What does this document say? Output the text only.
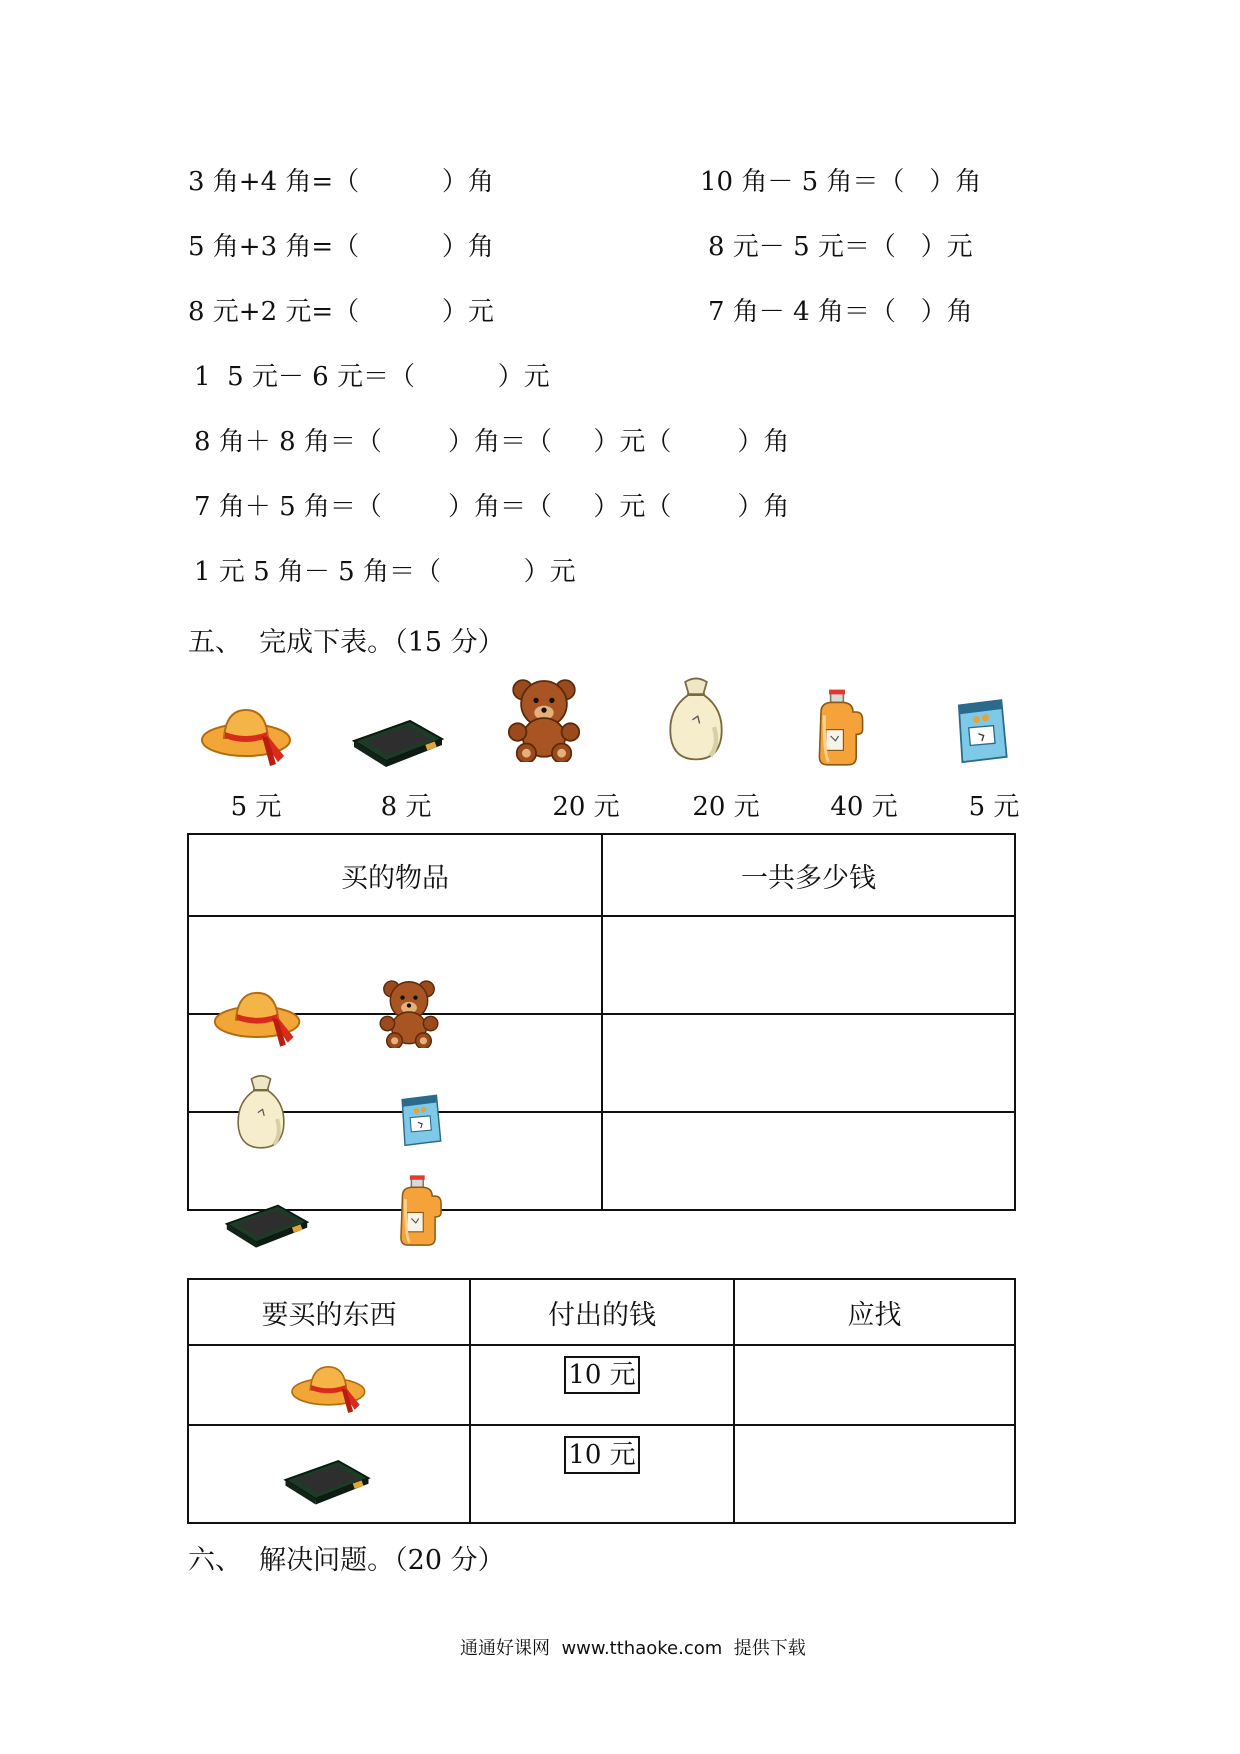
3 角+4 角=（          ）角
5 角+3 角=（          ）角
8 元+2 元=（          ）元
10 角－ 5 角＝（   ）角
8 元－ 5 元＝（   ）元
7 角－ 4 角＝（   ）角
1  5 元－ 6 元＝（          ）元
8 角＋ 8 角＝（        ）角＝（     ）元（        ）角
7 角＋ 5 角＝（        ）角＝（     ）元（        ）角
1 元 5 角－ 5 角＝（          ）元
五、  完成下表。（15 分）
5 元	8 元	20 元	20 元	40 元	5 元
买的物品	一共多少钱

要买的东西	付出的钱	应找

	10 元	

	10 元	
六、  解决问题。（20 分）
通通好课网  www.tthaoke.com  提供下载
